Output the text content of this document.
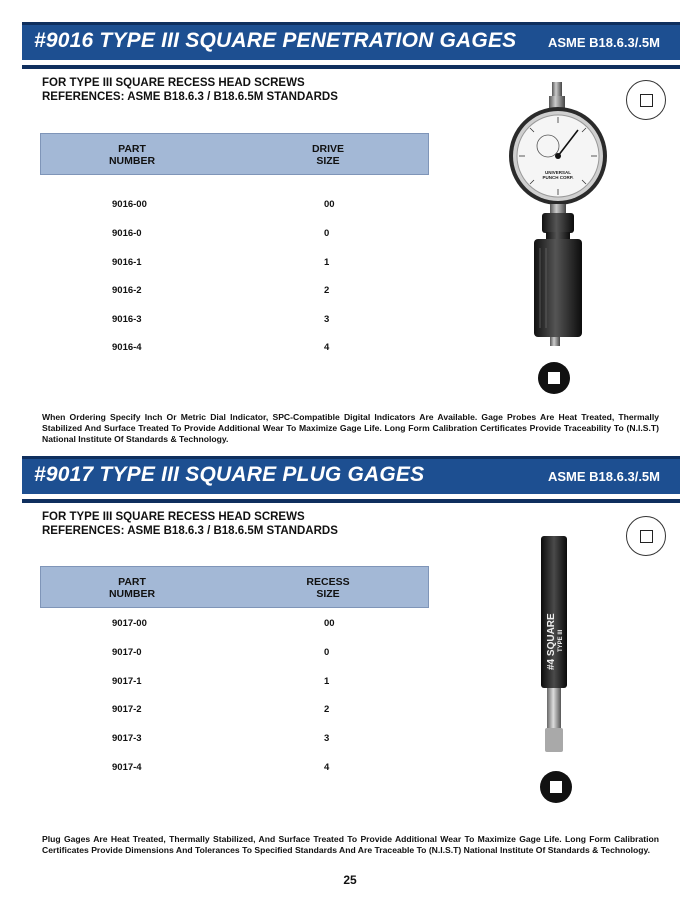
#9016 TYPE III SQUARE PENETRATION GAGES ASME B18.6.3/.5M
FOR TYPE III SQUARE RECESS HEAD SCREWS
REFERENCES: ASME B18.6.3 / B18.6.5M STANDARDS
PART
NUMBER
DRIVE
SIZE
9016-00	00
9016-0	0
9016-1	1
9016-2	2
9016-3	3
9016-4	4
UNIVERSAL
PUNCH CORP.
When Ordering Specify Inch Or Metric Dial Indicator, SPC-Compatible Digital Indicators Are Available. Gage Probes Are Heat Treated, Thermally Stabilized And Surface Treated To Provide Additional Wear To Maximize Gage Life. Long Form Calibration Certificates Provide Traceability To (N.I.S.T) National Institute Of Standards & Technology.
#9017 TYPE III SQUARE PLUG GAGES	ASME B18.6.3/.5M
FOR TYPE III SQUARE RECESS HEAD SCREWS
REFERENCES: ASME B18.6.3 / B18.6.5M STANDARDS
PART
NUMBER
RECESS
SIZE
9017-00	00
9017-0	0
9017-1	1
9017-2	2
9017-3	3
9017-4	4
#4 SQUARE TYPE III
Plug Gages Are Heat Treated, Thermally Stabilized, And Surface Treated To Provide Additional Wear To Maximize Gage Life. Long Form Calibration Certificates Provide Dimensions And Tolerances To Specified Standards And Are Traceable To (N.I.S.T) National Institute Of Standards & Technology.
25
